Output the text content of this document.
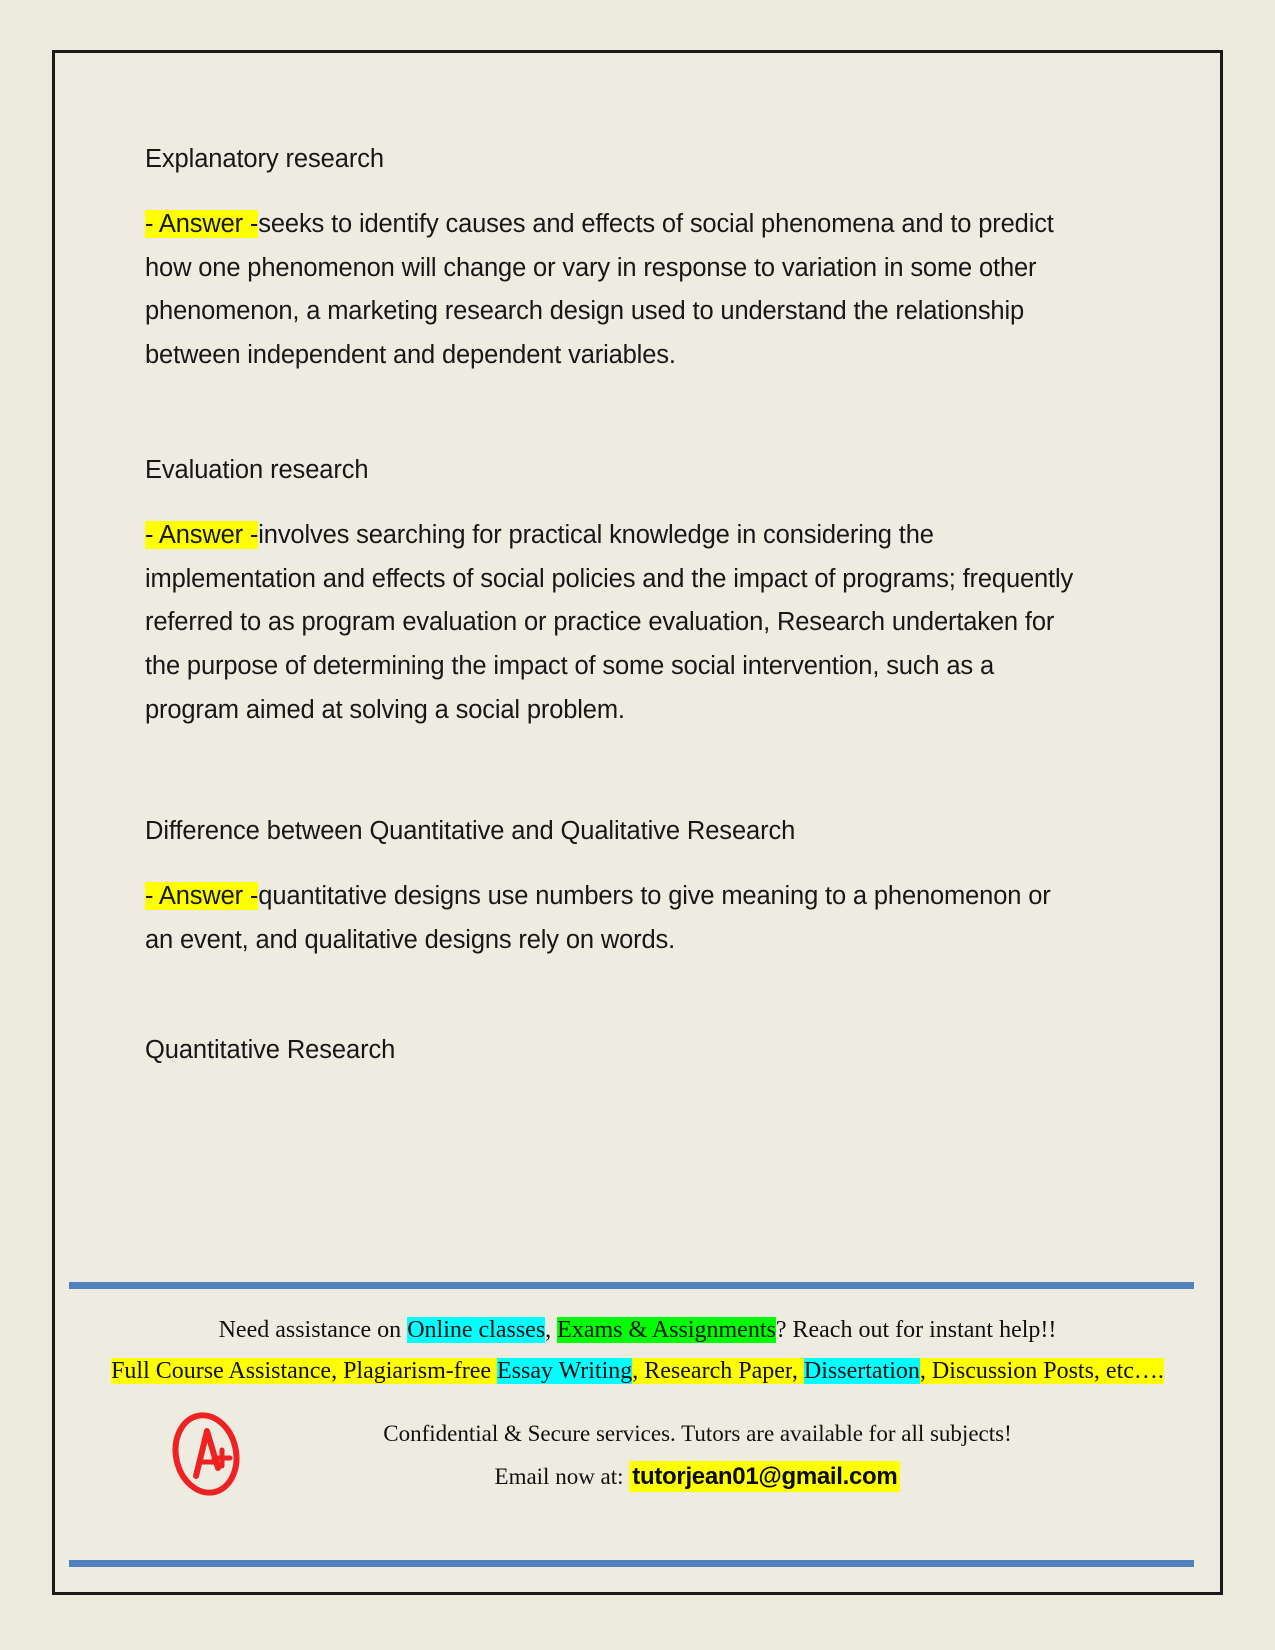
Explanatory research

- Answer -seeks to identify causes and effects of social phenomena and to predict how one phenomenon will change or vary in response to variation in some other phenomenon, a marketing research design used to understand the relationship between independent and dependent variables.

Evaluation research

- Answer -involves searching for practical knowledge in considering the implementation and effects of social policies and the impact of programs; frequently referred to as program evaluation or practice evaluation, Research undertaken for the purpose of determining the impact of some social intervention, such as a program aimed at solving a social problem.

Difference between Quantitative and Qualitative Research

- Answer -quantitative designs use numbers to give meaning to a phenomenon or an event, and qualitative designs rely on words.

Quantitative Research
Need assistance on Online classes, Exams & Assignments? Reach out for instant help!!
Full Course Assistance, Plagiarism-free Essay Writing, Research Paper, Dissertation, Discussion Posts, etc….
Confidential & Secure services. Tutors are available for all subjects!
Email now at: tutorjean01@gmail.com
